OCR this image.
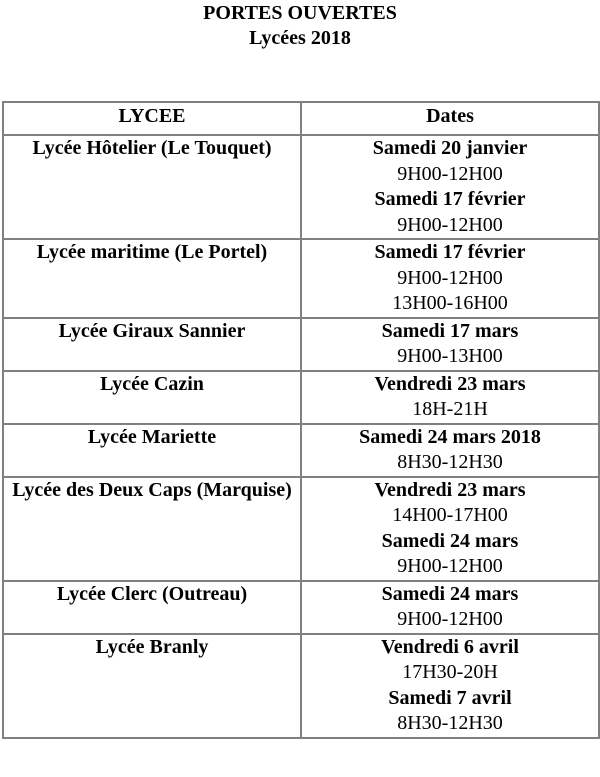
PORTES OUVERTES
Lycées 2018
LYCEE	Dates
Lycée Hôtelier (Le Touquet)	Samedi 20 janvier
9H00-12H00
Samedi 17 février
9H00-12H00

Lycée maritime (Le Portel)	Samedi 17 février
9H00-12H00
13H00-16H00

Lycée Giraux Sannier	Samedi 17 mars
9H00-13H00

Lycée Cazin	Vendredi 23 mars
18H-21H

Lycée Mariette	Samedi 24 mars 2018
8H30-12H30

Lycée des Deux Caps (Marquise)	Vendredi 23 mars
14H00-17H00
Samedi 24 mars
9H00-12H00

Lycée Clerc (Outreau)	Samedi 24 mars
9H00-12H00

Lycée Branly	Vendredi 6 avril
17H30-20H
Samedi 7 avril
8H30-12H30
